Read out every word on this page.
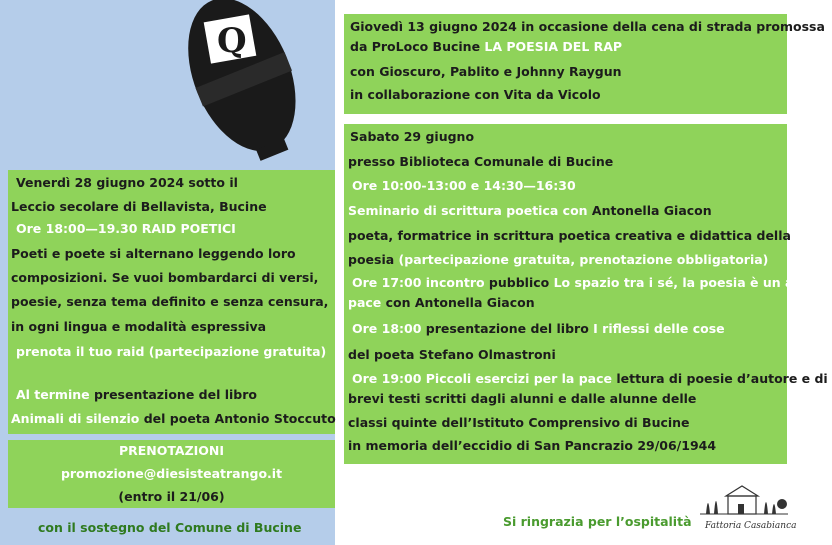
Q	Giovedì 13 giugno 2024 in occasione della cena di strada promossa
da ProLoco Bucine LA POESIA DEL RAP
con Gioscuro, Pablito e Johnny Raygun
in collaborazione con Vita da Vicolo
Venerdì 28 giugno 2024 sotto il
Leccio secolare di Bellavista, Bucine
Ore 18:00—19.30 RAID POETICI
Poeti e poete si alternano leggendo loro
composizioni. Se vuoi bombardarci di versi,
poesie, senza tema definito e senza censura,
in ogni lingua e modalità espressiva
prenota il tuo raid (partecipazione gratuita)
Al termine presentazione del libro
Animali di silenzio del poeta Antonio Stoccuto
PRENOTAZIONI
promozione@diesisteatrango.it
(entro il 21/06)
con il sostegno del Comune di Bucine
Sabato 29 giugno
presso Biblioteca Comunale di Bucine
Ore 10:00-13:00 e 14:30—16:30
Seminario di scrittura poetica con Antonella Giacon
poeta, formatrice in scrittura poetica creativa e didattica della
poesia (partecipazione gratuita, prenotazione obbligatoria)
Ore 17:00 incontro pubblico Lo spazio tra i sé, la poesia è un atto di
pace con Antonella Giacon
Ore 18:00 presentazione del libro I riflessi delle cose
del poeta Stefano Olmastroni
Ore 19:00 Piccoli esercizi per la pace lettura di poesie d’autore e di
brevi testi scritti dagli alunni e dalle alunne delle
classi quinte dell’Istituto Comprensivo di Bucine
in memoria dell’eccidio di San Pancrazio 29/06/1944
Si ringrazia per l’ospitalità Fattoria Casabianca
